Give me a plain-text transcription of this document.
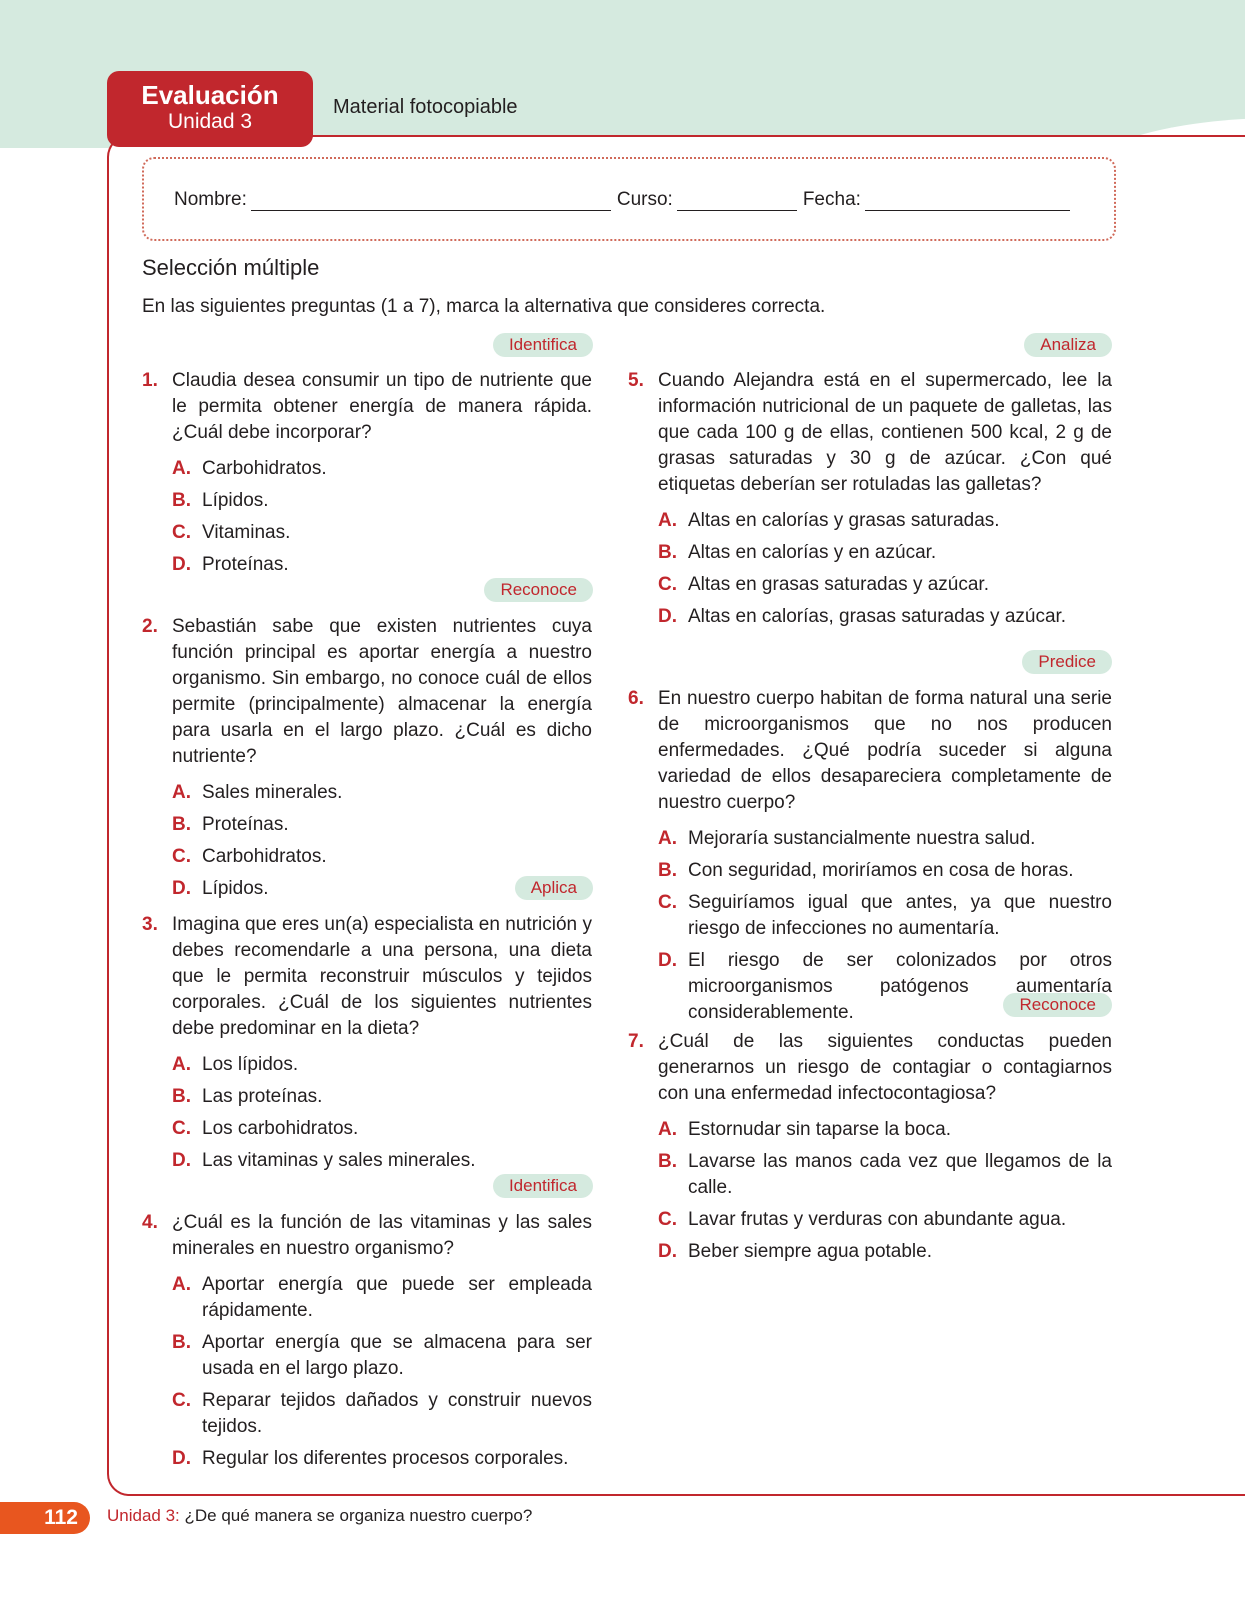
Evaluación
Unidad 3
Material fotocopiable
Nombre:	Curso:	Fecha:
Selección múltiple
En las siguientes preguntas (1 a 7), marca la alternativa que consideres correcta.
Identifica
Reconoce
Aplica
Identifica
Analiza
Predice
Reconoce
1. Claudia desea consumir un tipo de nutriente que le permita obtener energía de manera rápida. ¿Cuál debe incorporar?
A. Carbohidratos.
B. Lípidos.
C. Vitaminas.
D. Proteínas.
2. Sebastián sabe que existen nutrientes cuya función principal es aportar energía a nuestro organismo. Sin embargo, no conoce cuál de ellos permite (principalmente) almacenar la energía para usarla en el largo plazo. ¿Cuál es dicho nutriente?
A. Sales minerales.
B. Proteínas.
C. Carbohidratos.
D. Lípidos.
3. Imagina que eres un(a) especialista en nutrición y debes recomendarle a una persona, una dieta que le permita reconstruir músculos y tejidos corporales. ¿Cuál de los siguientes nutrientes debe predominar en la dieta?
A. Los lípidos.
B. Las proteínas.
C. Los carbohidratos.
D. Las vitaminas y sales minerales.
4. ¿Cuál es la función de las vitaminas y las sales minerales en nuestro organismo?
A. Aportar energía que puede ser empleada rápidamente.
B. Aportar energía que se almacena para ser usada en el largo plazo.
C. Reparar tejidos dañados y construir nuevos tejidos.
D. Regular los diferentes procesos corporales.
5. Cuando Alejandra está en el supermercado, lee la información nutricional de un paquete de galletas, las que cada 100 g de ellas, contienen 500 kcal, 2 g de grasas saturadas y 30 g de azúcar. ¿Con qué etiquetas deberían ser rotuladas las galletas?
A. Altas en calorías y grasas saturadas.
B. Altas en calorías y en azúcar.
C. Altas en grasas saturadas y azúcar.
D. Altas en calorías, grasas saturadas y azúcar.
6. En nuestro cuerpo habitan de forma natural una serie de microorganismos que no nos producen enfermedades. ¿Qué podría suceder si alguna variedad de ellos desapareciera completamente de nuestro cuerpo?
A. Mejoraría sustancialmente nuestra salud.
B. Con seguridad, moriríamos en cosa de horas.
C. Seguiríamos igual que antes, ya que nuestro riesgo de infecciones no aumentaría.
D. El riesgo de ser colonizados por otros microorganismos patógenos aumentaría considerablemente.
7. ¿Cuál de las siguientes conductas pueden generarnos un riesgo de contagiar o contagiarnos con una enfermedad infectocontagiosa?
A. Estornudar sin taparse la boca.
B. Lavarse las manos cada vez que llegamos de la calle.
C. Lavar frutas y verduras con abundante agua.
D. Beber siempre agua potable.
112	Unidad 3: ¿De qué manera se organiza nuestro cuerpo?
